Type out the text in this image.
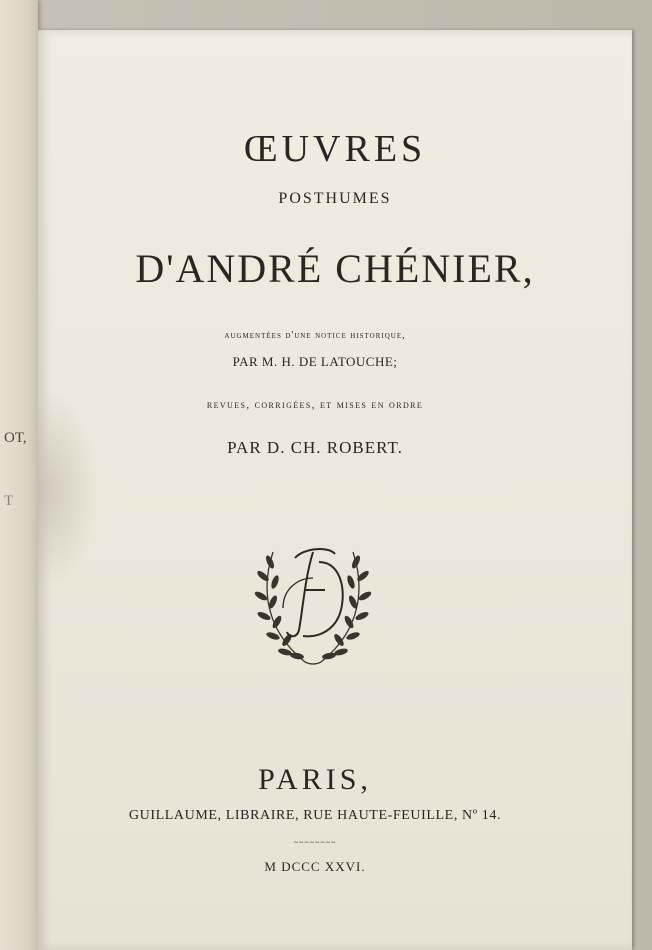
OT,
T
ŒUVRES
POSTHUMES
D'ANDRÉ CHÉNIER,
augmentées d'une notice historique,
PAR M. H. DE LATOUCHE;
revues, corrigées, et mises en ordre
PAR D. CH. ROBERT.
PARIS,
GUILLAUME, LIBRAIRE, RUE HAUTE-FEUILLE, Nº 14.
~~~~~~~~
M DCCC XXVI.
